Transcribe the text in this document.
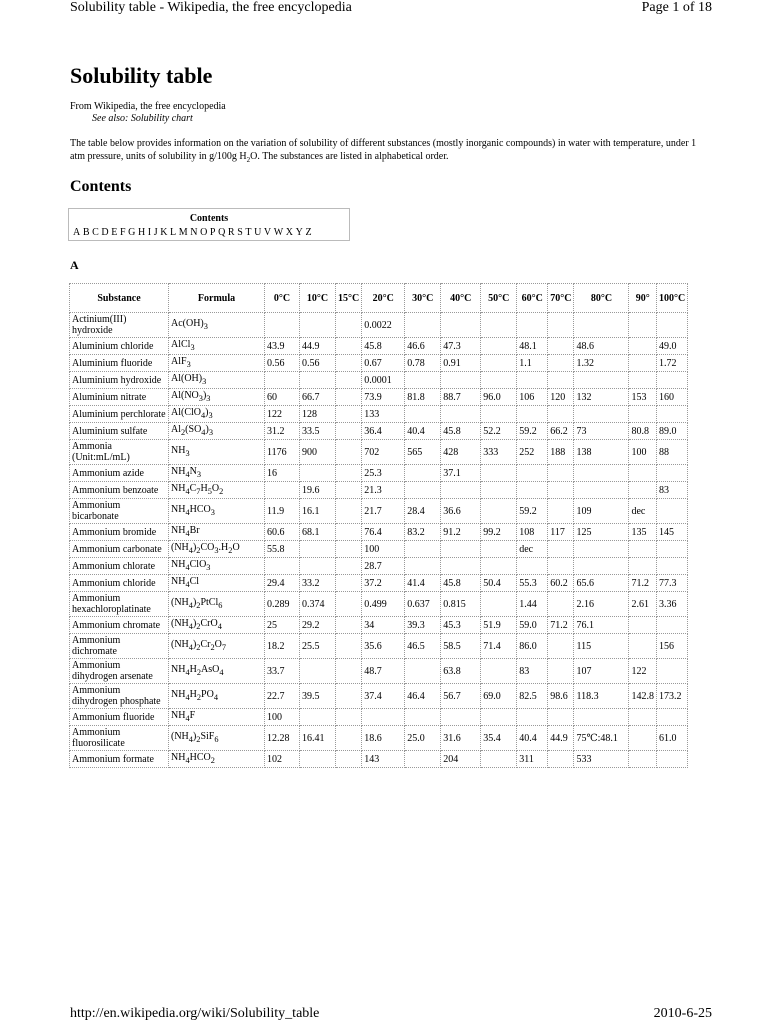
Solubility table - Wikipedia, the free encyclopedia	Page 1 of 18
Solubility table
From Wikipedia, the free encyclopedia
See also: Solubility chart
The table below provides information on the variation of solubility of different substances (mostly inorganic compounds) in water with temperature, under 1 atm pressure, units of solubility in g/100g $H_2O$. The substances are listed in alphabetical order.
Contents
Contents
A B C D E F G H I J K L M N O P Q R S T U V W X Y Z
A
Substance	Formula	0°C	10°C	15°C	20°C	30°C	40°C	50°C	60°C	70°C	80°C	90°	100°C
Actinium(III) hydroxide	$Ac(OH)_3$				0.0022								
Aluminium chloride	AlCl$_3$	43.9	44.9		45.8	46.6	47.3		48.1		48.6		49.0
Aluminium fluoride	AlF$_3$	0.56	0.56		0.67	0.78	0.91		1.1		1.32		1.72
Aluminium hydroxide	$Al(OH)_3$				0.0001								
Aluminium nitrate	$Al(NO_3)_3$	60	66.7		73.9	81.8	88.7	96.0	106	120	132	153	160
Aluminium perchlorate	$Al(ClO_4)_3$	122	128		133								
Aluminium sulfate	$Al_2(SO_4)_3$	31.2	33.5		36.4	40.4	45.8	52.2	59.2	66.2	73	80.8	89.0
Ammonia (Unit:mL/mL)	$NH_3$	1176	900		702	565	428	333	252	188	138	100	88
Ammonium azide	$NH_4N_3$	16			25.3		37.1						
Ammonium benzoate	$NH_4C_7H_5O_2$		19.6		21.3								83
Ammonium bicarbonate	$NH_4HCO_3$	11.9	16.1		21.7	28.4	36.6		59.2		109	dec	
Ammonium bromide	$NH_4Br$	60.6	68.1		76.4	83.2	91.2	99.2	108	117	125	135	145
Ammonium carbonate	$(NH_4)_2CO_3.H_2O$	55.8			100				dec				
Ammonium chlorate	$NH_4ClO_3$				28.7								
Ammonium chloride	$NH_4Cl$	29.4	33.2		37.2	41.4	45.8	50.4	55.3	60.2	65.6	71.2	77.3
Ammonium hexachloroplatinate	$(NH_4)_2PtCl_6$	0.289	0.374		0.499	0.637	0.815		1.44		2.16	2.61	3.36
Ammonium chromate	$(NH_4)_2CrO_4$	25	29.2		34	39.3	45.3	51.9	59.0	71.2	76.1		
Ammonium dichromate	$(NH_4)_2Cr_2O_7$	18.2	25.5		35.6	46.5	58.5	71.4	86.0		115		156
Ammonium dihydrogen arsenate	$NH_4H_2AsO_4$	33.7			48.7		63.8		83		107	122	
Ammonium dihydrogen phosphate	$NH_4H_2PO_4$	22.7	39.5		37.4	46.4	56.7	69.0	82.5	98.6	118.3	142.8	173.2
Ammonium fluoride	$NH_4F$	100											
Ammonium fluorosilicate	$(NH_4)_2SiF_6$	12.28	16.41		18.6	25.0	31.6	35.4	40.4	44.9	75℃:48.1		61.0
Ammonium formate	$NH_4HCO_2$	102			143		204		311		533		
http://en.wikipedia.org/wiki/Solubility_table	2010-6-25
